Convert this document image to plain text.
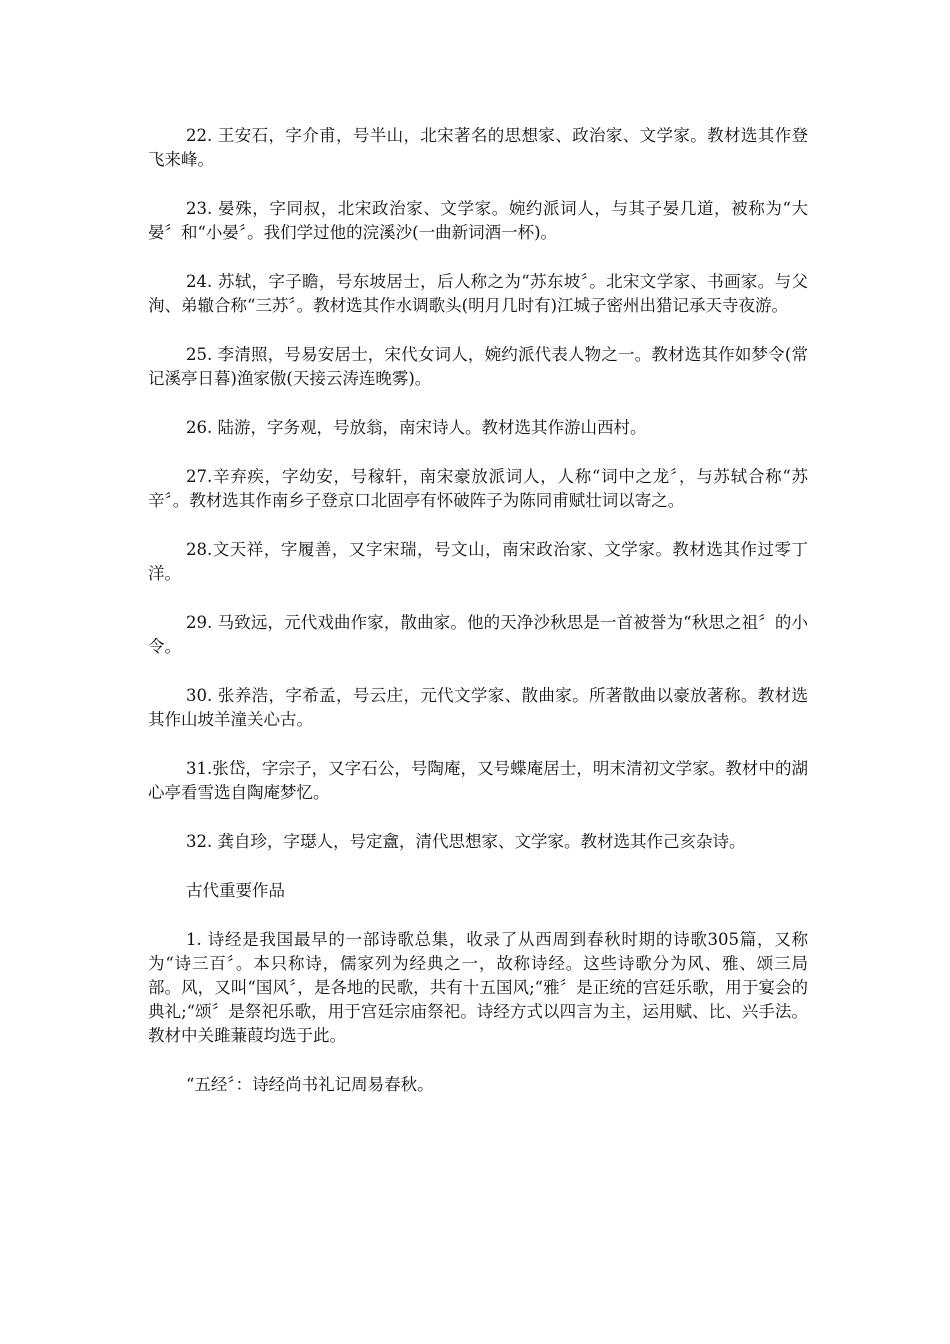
22. 王安石，字介甫，号半山，北宋著名的思想家、政治家、文学家。教材选其作登飞来峰。

23. 晏殊，字同叔，北宋政治家、文学家。婉约派词人，与其子晏几道，被称为“大晏〞和“小晏〞。我们学过他的浣溪沙(一曲新词酒一杯)。

24. 苏轼，字子瞻，号东坡居士，后人称之为“苏东坡〞。北宋文学家、书画家。与父洵、弟辙合称“三苏〞。教材选其作水调歌头(明月几时有)江城子密州出猎记承天寺夜游。

25. 李清照，号易安居士，宋代女词人，婉约派代表人物之一。教材选其作如梦令(常记溪亭日暮)渔家傲(天接云涛连晚雾)。

26. 陆游，字务观，号放翁，南宋诗人。教材选其作游山西村。

27.辛弃疾，字幼安，号稼轩，南宋豪放派词人，人称“词中之龙〞，与苏轼合称“苏辛〞。教材选其作南乡子登京口北固亭有怀破阵子为陈同甫赋壮词以寄之。

28.文天祥，字履善，又字宋瑞，号文山，南宋政治家、文学家。教材选其作过零丁洋。

29. 马致远，元代戏曲作家，散曲家。他的天净沙秋思是一首被誉为“秋思之祖〞的小令。

30. 张养浩，字希孟，号云庄，元代文学家、散曲家。所著散曲以豪放著称。教材选其作山坡羊潼关心古。

31.张岱，字宗子，又字石公，号陶庵，又号蝶庵居士，明末清初文学家。教材中的湖心亭看雪选自陶庵梦忆。

32. 龚自珍，字璱人，号定盦，清代思想家、文学家。教材选其作己亥杂诗。

古代重要作品

1. 诗经是我国最早的一部诗歌总集，收录了从西周到春秋时期的诗歌305篇，又称为“诗三百〞。本只称诗，儒家列为经典之一，故称诗经。这些诗歌分为风、雅、颂三局部。风，又叫“国风〞，是各地的民歌，共有十五国风;“雅〞是正统的宫廷乐歌，用于宴会的典礼;“颂〞是祭祀乐歌，用于宫廷宗庙祭祀。诗经方式以四言为主，运用赋、比、兴手法。教材中关雎蒹葭均选于此。

“五经〞：诗经尚书礼记周易春秋。
